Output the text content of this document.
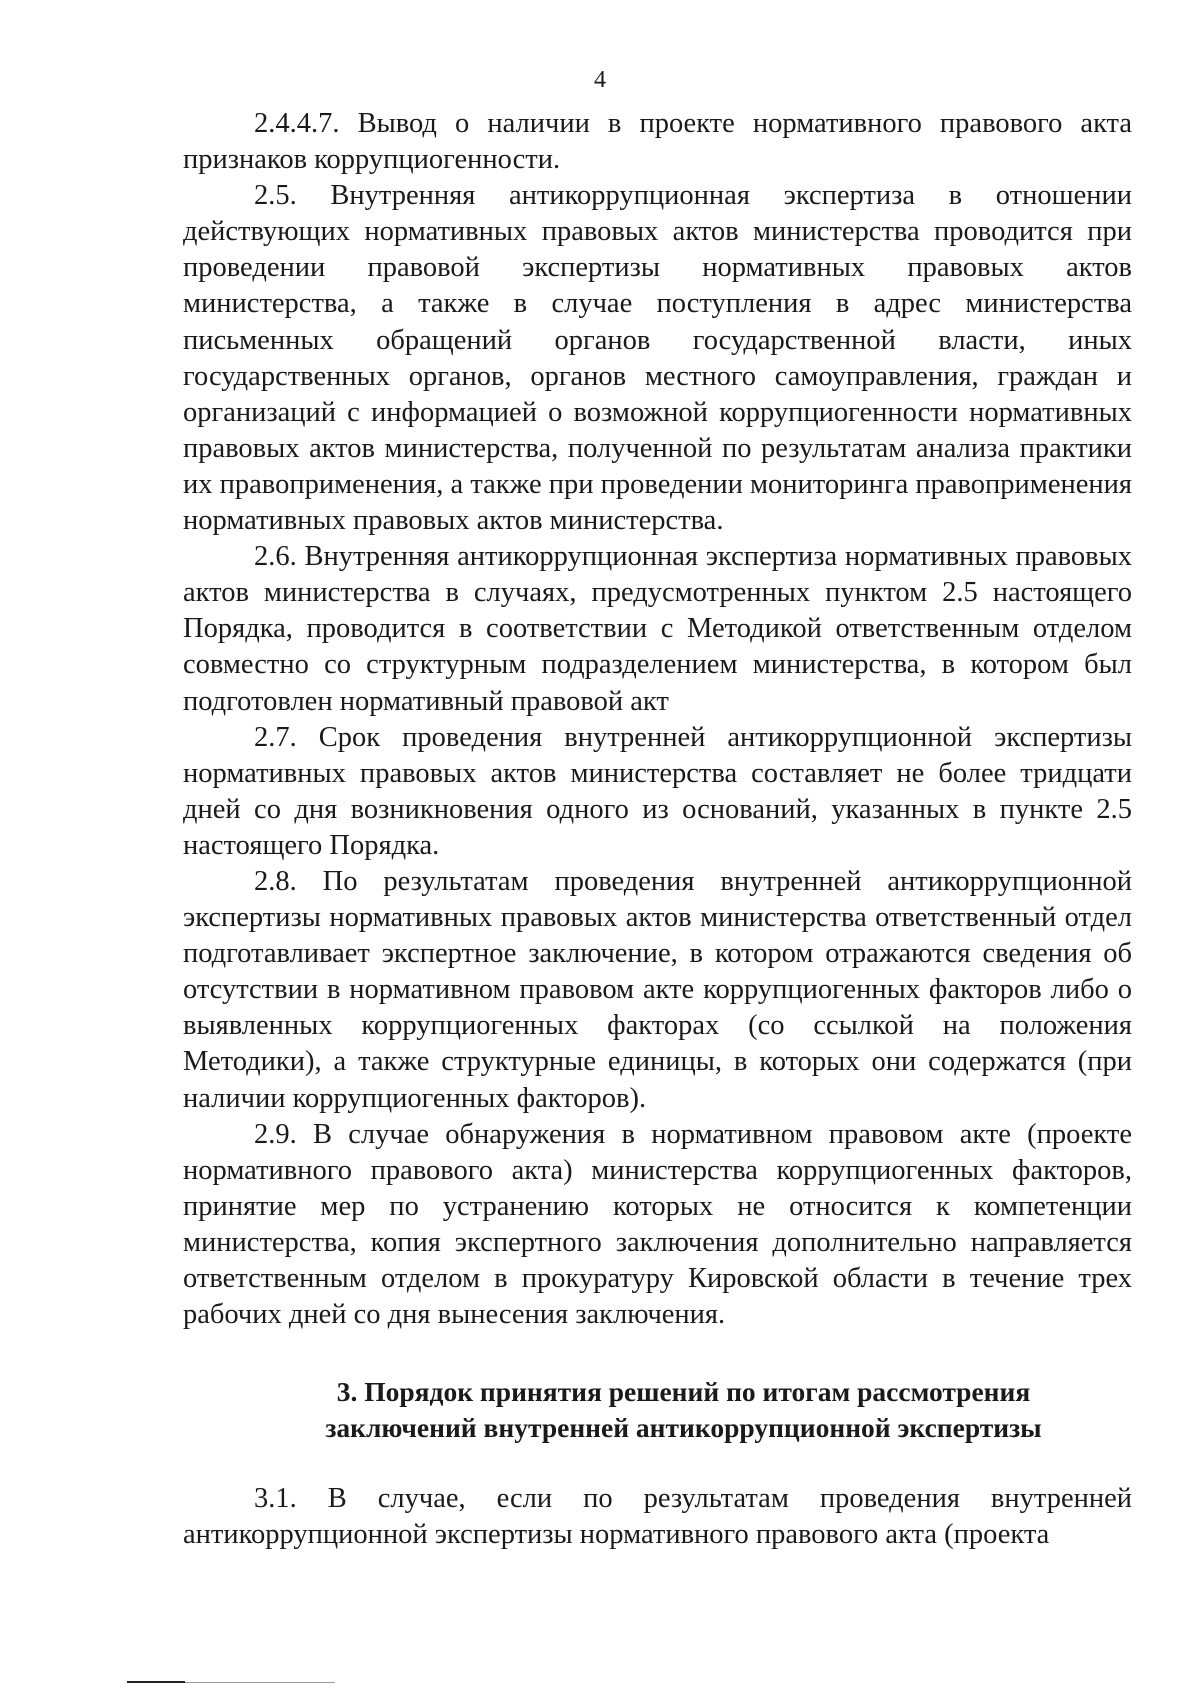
4

2.4.4.7. Вывод о наличии в проекте нормативного правового акта признаков коррупциогенности.

2.5. Внутренняя антикоррупционная экспертиза в отношении действующих нормативных правовых актов министерства проводится при проведении правовой экспертизы нормативных правовых актов министерства, а также в случае поступления в адрес министерства письменных обращений органов государственной власти, иных государственных органов, органов местного самоуправления, граждан и организаций с информацией о возможной коррупциогенности нормативных правовых актов министерства, полученной по результатам анализа практики их правоприменения, а также при проведении мониторинга правоприменения нормативных правовых актов министерства.

2.6. Внутренняя антикоррупционная экспертиза нормативных правовых актов министерства в случаях, предусмотренных пунктом 2.5 настоящего Порядка, проводится в соответствии с Методикой ответственным отделом совместно со структурным подразделением министерства, в котором был подготовлен нормативный правовой акт

2.7. Срок проведения внутренней антикоррупционной экспертизы нормативных правовых актов министерства составляет не более тридцати дней со дня возникновения одного из оснований, указанных в пункте 2.5 настоящего Порядка.

2.8. По результатам проведения внутренней антикоррупционной экспертизы нормативных правовых актов министерства ответственный отдел подготавливает экспертное заключение, в котором отражаются сведения об отсутствии в нормативном правовом акте коррупциогенных факторов либо о выявленных коррупциогенных факторах (со ссылкой на положения Методики), а также структурные единицы, в которых они содержатся (при наличии коррупциогенных факторов).

2.9. В случае обнаружения в нормативном правовом акте (проекте нормативного правового акта) министерства коррупциогенных факторов, принятие мер по устранению которых не относится к компетенции министерства, копия экспертного заключения дополнительно направляется ответственным отделом в прокуратуру Кировской области в течение трех рабочих дней со дня вынесения заключения.

3. Порядок принятия решений по итогам рассмотрения
заключений внутренней антикоррупционной экспертизы

3.1. В случае, если по результатам проведения внутренней антикоррупционной экспертизы нормативного правового акта (проекта
